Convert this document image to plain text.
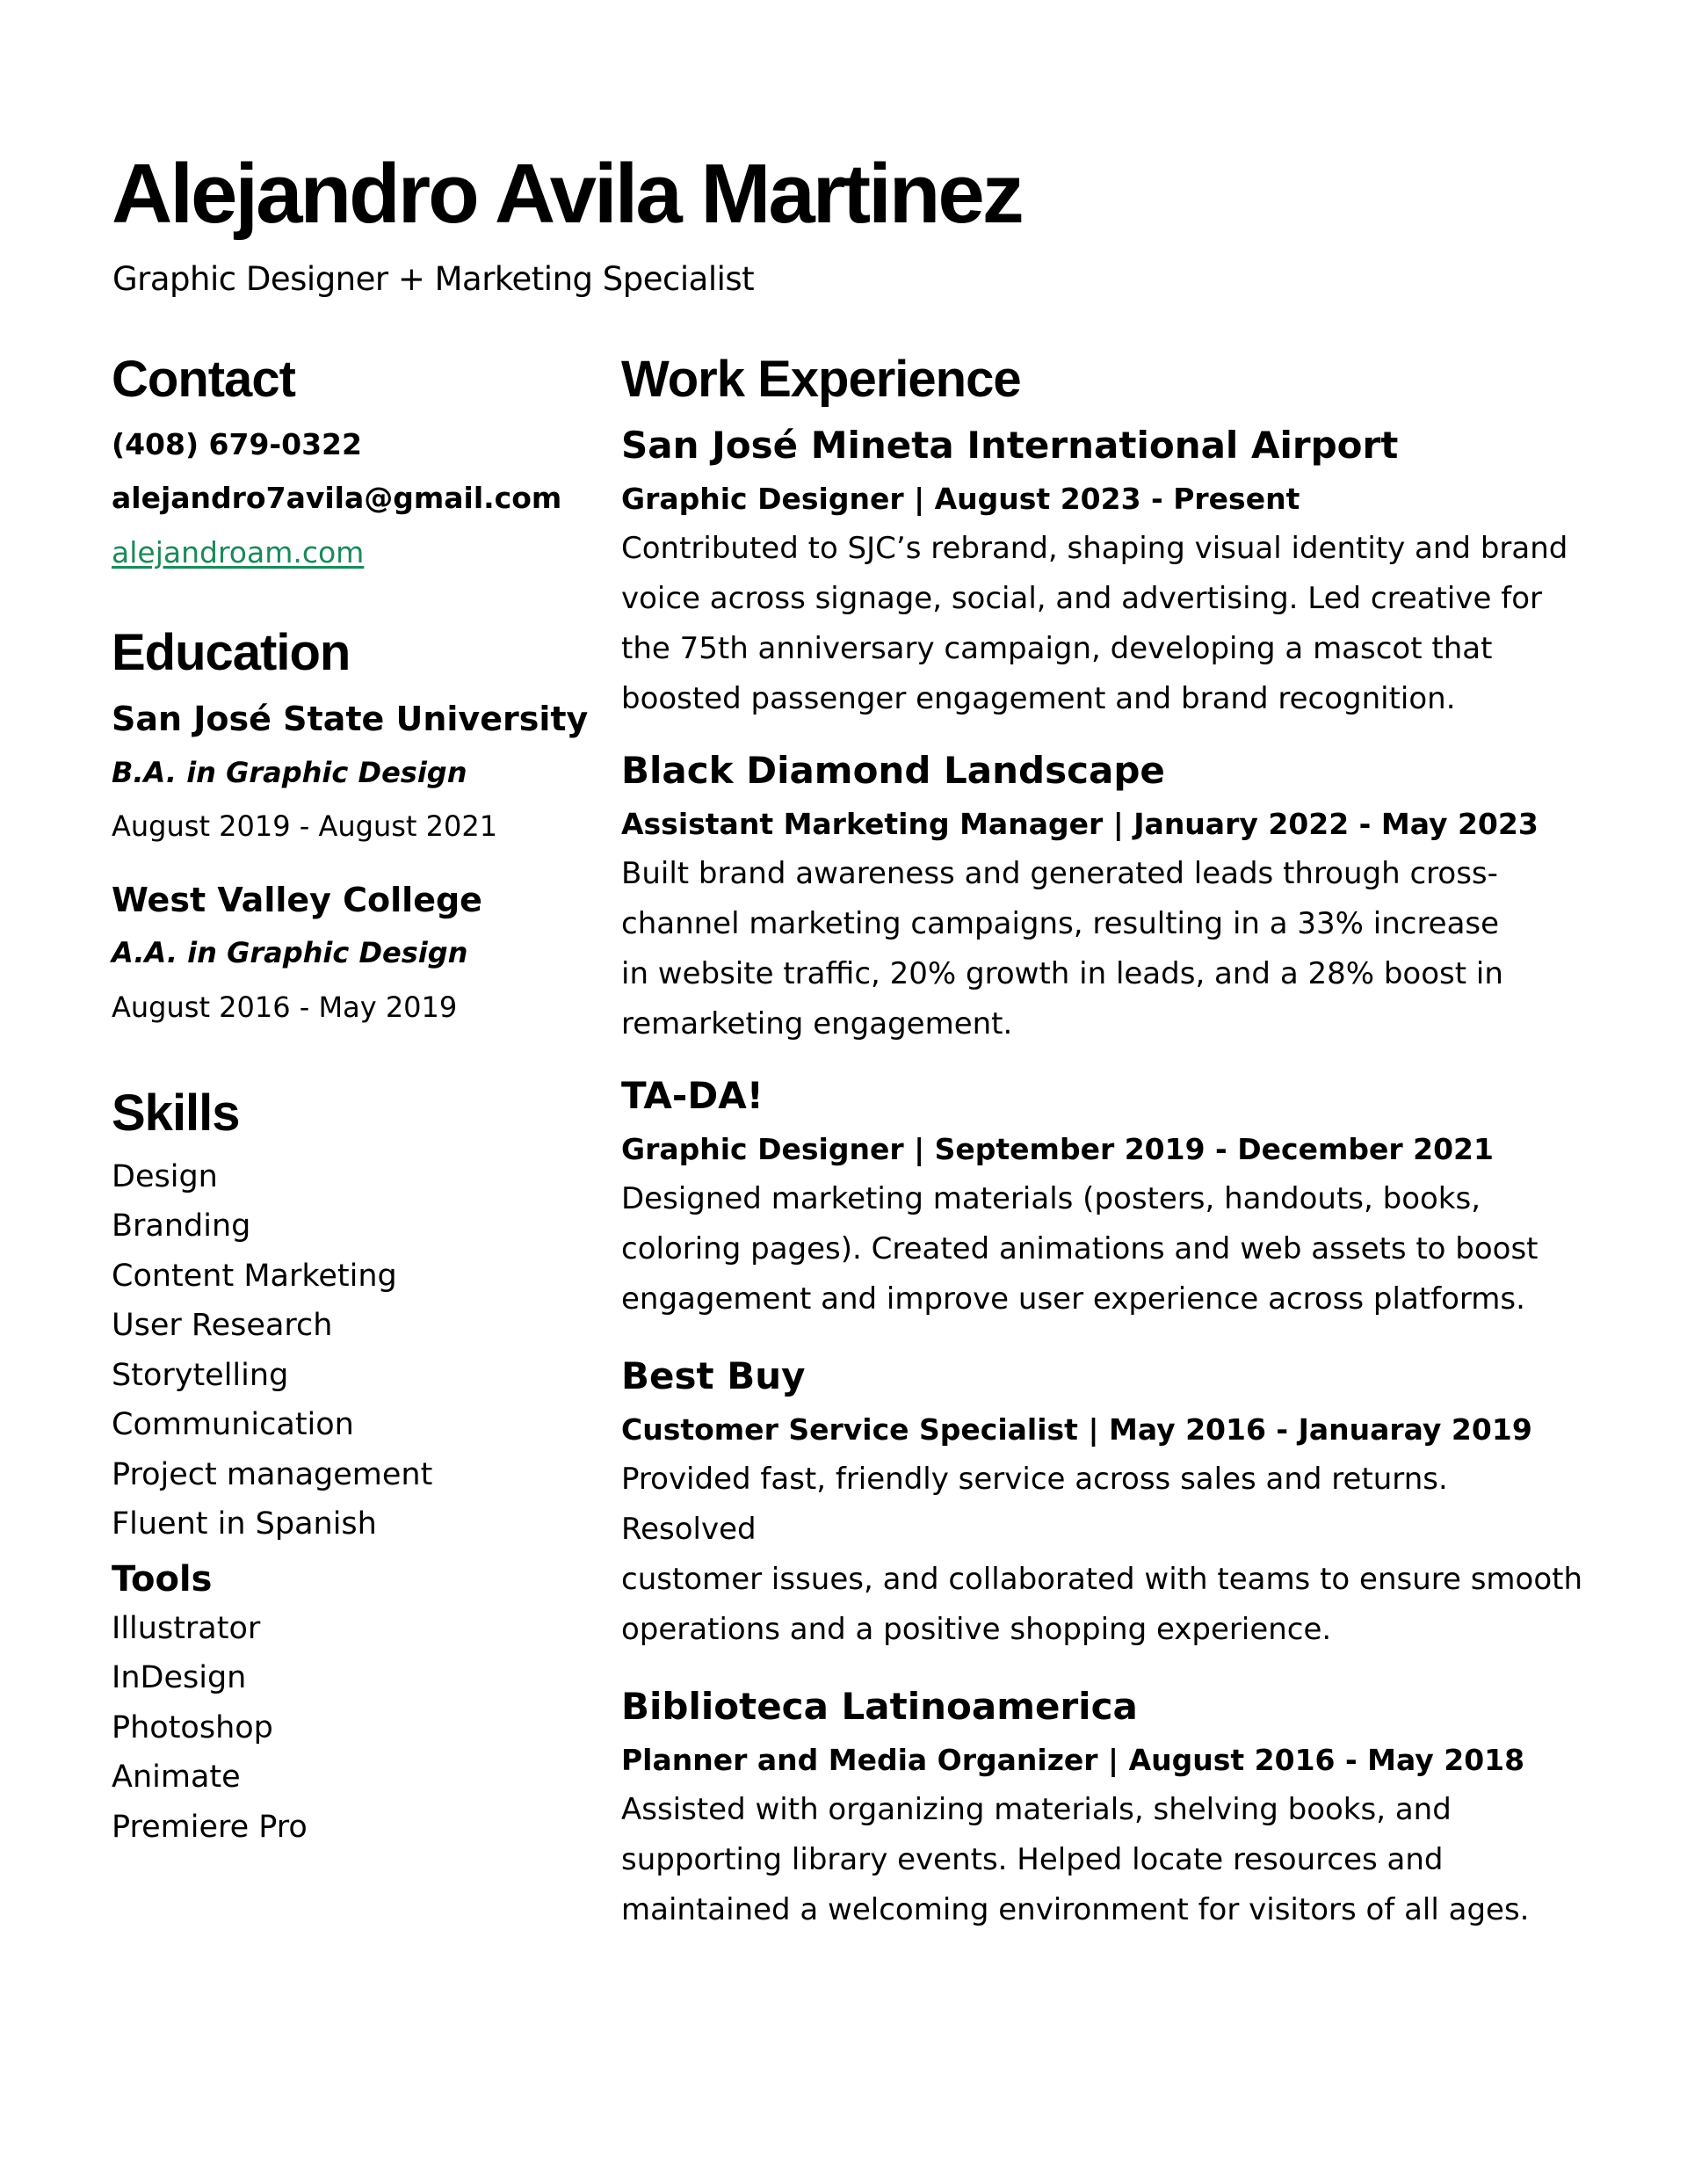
Alejandro Avila Martinez
Graphic Designer + Marketing Specialist
Contact
(408) 679-0322
alejandro7avila@gmail.com
alejandroam.com
Education
San José State University
B.A. in Graphic Design
August 2019 - August 2021
West Valley College
A.A. in Graphic Design
August 2016 - May 2019
Skills
Design
Branding
Content Marketing
User Research
Storytelling
Communication
Project management
Fluent in Spanish
Tools
Illustrator
InDesign
Photoshop
Animate
Premiere Pro
Work Experience
San José Mineta International Airport
Graphic Designer | August 2023 - Present
Contributed to SJC’s rebrand, shaping visual identity and brand
voice across signage, social, and advertising. Led creative for
the 75th anniversary campaign, developing a mascot that
boosted passenger engagement and brand recognition.
Black Diamond Landscape
Assistant Marketing Manager | January 2022 - May 2023
Built brand awareness and generated leads through cross-
channel marketing campaigns, resulting in a 33% increase
in website traffic, 20% growth in leads, and a 28% boost in
remarketing engagement.
TA-DA!
Graphic Designer | September 2019 - December 2021
Designed marketing materials (posters, handouts, books,
coloring pages). Created animations and web assets to boost
engagement and improve user experience across platforms.
Best Buy
Customer Service Specialist | May 2016 - Januaray 2019
Provided fast, friendly service across sales and returns. Resolved
customer issues, and collaborated with teams to ensure smooth
operations and a positive shopping experience.
Biblioteca Latinoamerica
Planner and Media Organizer | August 2016 - May 2018
Assisted with organizing materials, shelving books, and
supporting library events. Helped locate resources and
maintained a welcoming environment for visitors of all ages.
